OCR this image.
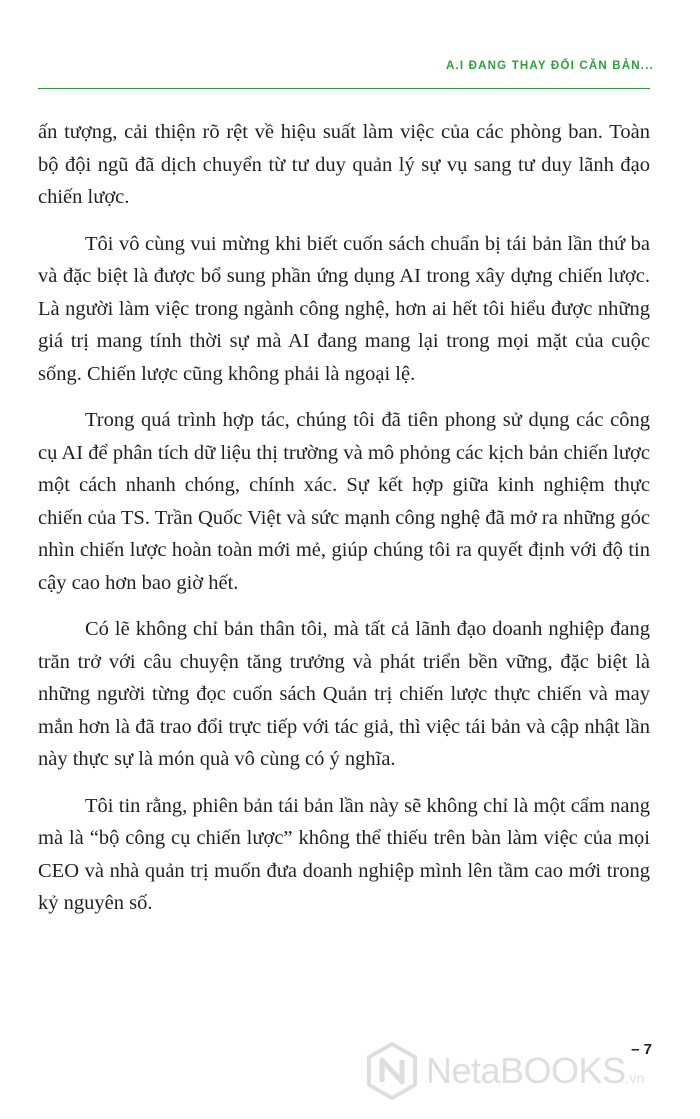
A.I ĐANG THAY ĐỔI CĂN BẢN...

ấn tượng, cải thiện rõ rệt về hiệu suất làm việc của các phòng ban. Toàn bộ đội ngũ đã dịch chuyển từ tư duy quản lý sự vụ sang tư duy lãnh đạo chiến lược.

Tôi vô cùng vui mừng khi biết cuốn sách chuẩn bị tái bản lần thứ ba và đặc biệt là được bổ sung phần ứng dụng AI trong xây dựng chiến lược. Là người làm việc trong ngành công nghệ, hơn ai hết tôi hiểu được những giá trị mang tính thời sự mà AI đang mang lại trong mọi mặt của cuộc sống. Chiến lược cũng không phải là ngoại lệ.

Trong quá trình hợp tác, chúng tôi đã tiên phong sử dụng các công cụ AI để phân tích dữ liệu thị trường và mô phỏng các kịch bản chiến lược một cách nhanh chóng, chính xác. Sự kết hợp giữa kinh nghiệm thực chiến của TS. Trần Quốc Việt và sức mạnh công nghệ đã mở ra những góc nhìn chiến lược hoàn toàn mới mẻ, giúp chúng tôi ra quyết định với độ tin cậy cao hơn bao giờ hết.

Có lẽ không chỉ bản thân tôi, mà tất cả lãnh đạo doanh nghiệp đang trăn trở với câu chuyện tăng trưởng và phát triển bền vững, đặc biệt là những người từng đọc cuốn sách Quản trị chiến lược thực chiến và may mắn hơn là đã trao đổi trực tiếp với tác giả, thì việc tái bản và cập nhật lần này thực sự là món quà vô cùng có ý nghĩa.

Tôi tin rằng, phiên bản tái bản lần này sẽ không chỉ là một cẩm nang mà là “bộ công cụ chiến lược” không thể thiếu trên bàn làm việc của mọi CEO và nhà quản trị muốn đưa doanh nghiệp mình lên tầm cao mới trong kỷ nguyên số.

– 7
NetaBOOKS.vn
